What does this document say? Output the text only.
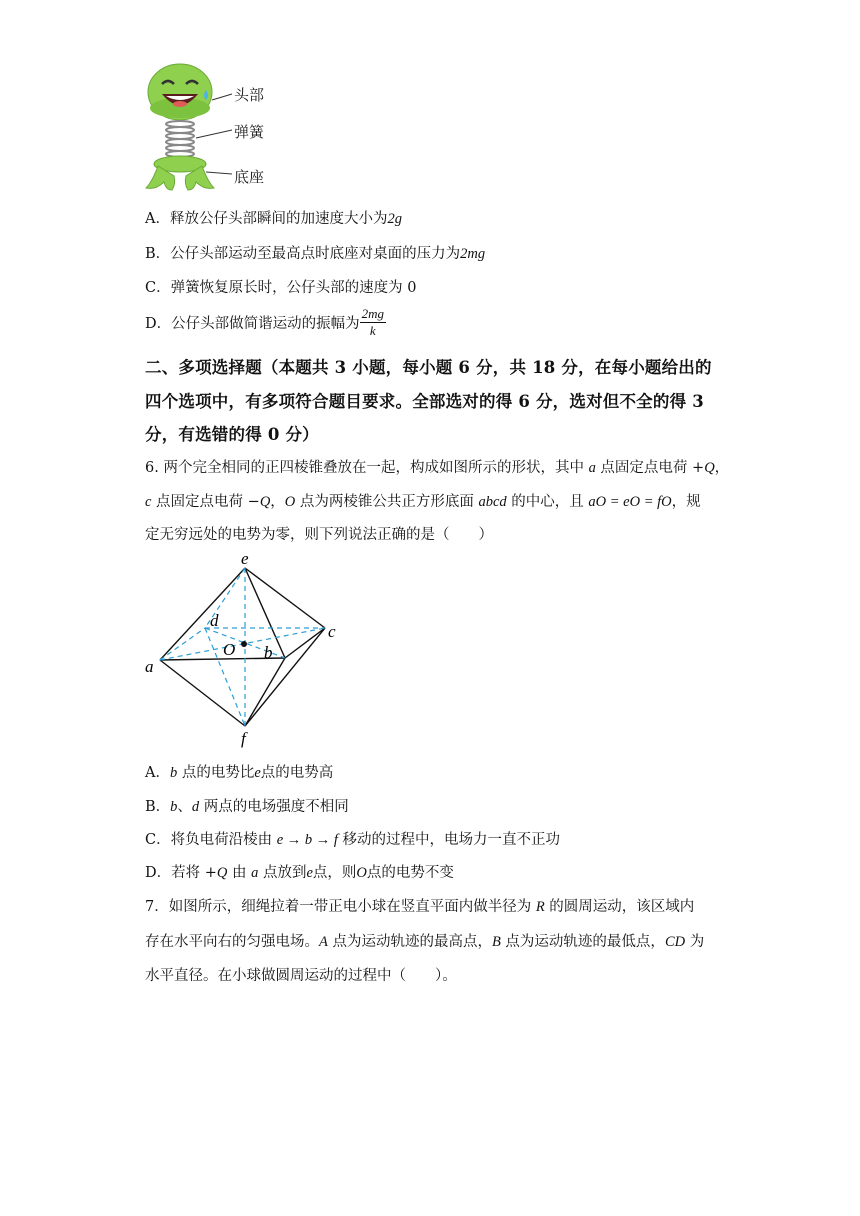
头部
弹簧
底座
A．释放公仔头部瞬间的加速度大小为2g
B．公仔头部运动至最高点时底座对桌面的压力为2mg
C．弹簧恢复原长时，公仔头部的速度为 0
D．公仔头部做简谐运动的振幅为 $\frac{2mg}{k}$
二、多项选择题（本题共 3 小题，每小题 6 分，共 18 分，在每小题给出的
四个选项中，有多项符合题目要求。全部选对的得 6 分，选对但不全的得 3
分，有选错的得 0 分）
6. 两个完全相同的正四棱锥叠放在一起，构成如图所示的形状，其中 a 点固定点电荷 +Q，
c 点固定点电荷 −Q，O 点为两棱锥公共正方形底面 abcd 的中心，且 aO = eO = fO，规
定无穷远处的电势为零，则下列说法正确的是（　　）
e
d
c
O b
a
f
A．b 点的电势比e点的电势高
B．b、d 两点的电场强度不相同
C．将负电荷沿棱由 e → b → f 移动的过程中，电场力一直不正功
D．若将 +Q 由 a 点放到e点，则O点的电势不变
7．如图所示，细绳拉着一带正电小球在竖直平面内做半径为 R 的圆周运动，该区域内
存在水平向右的匀强电场。A 点为运动轨迹的最高点，B 点为运动轨迹的最低点，CD 为
水平直径。在小球做圆周运动的过程中（　　）。
